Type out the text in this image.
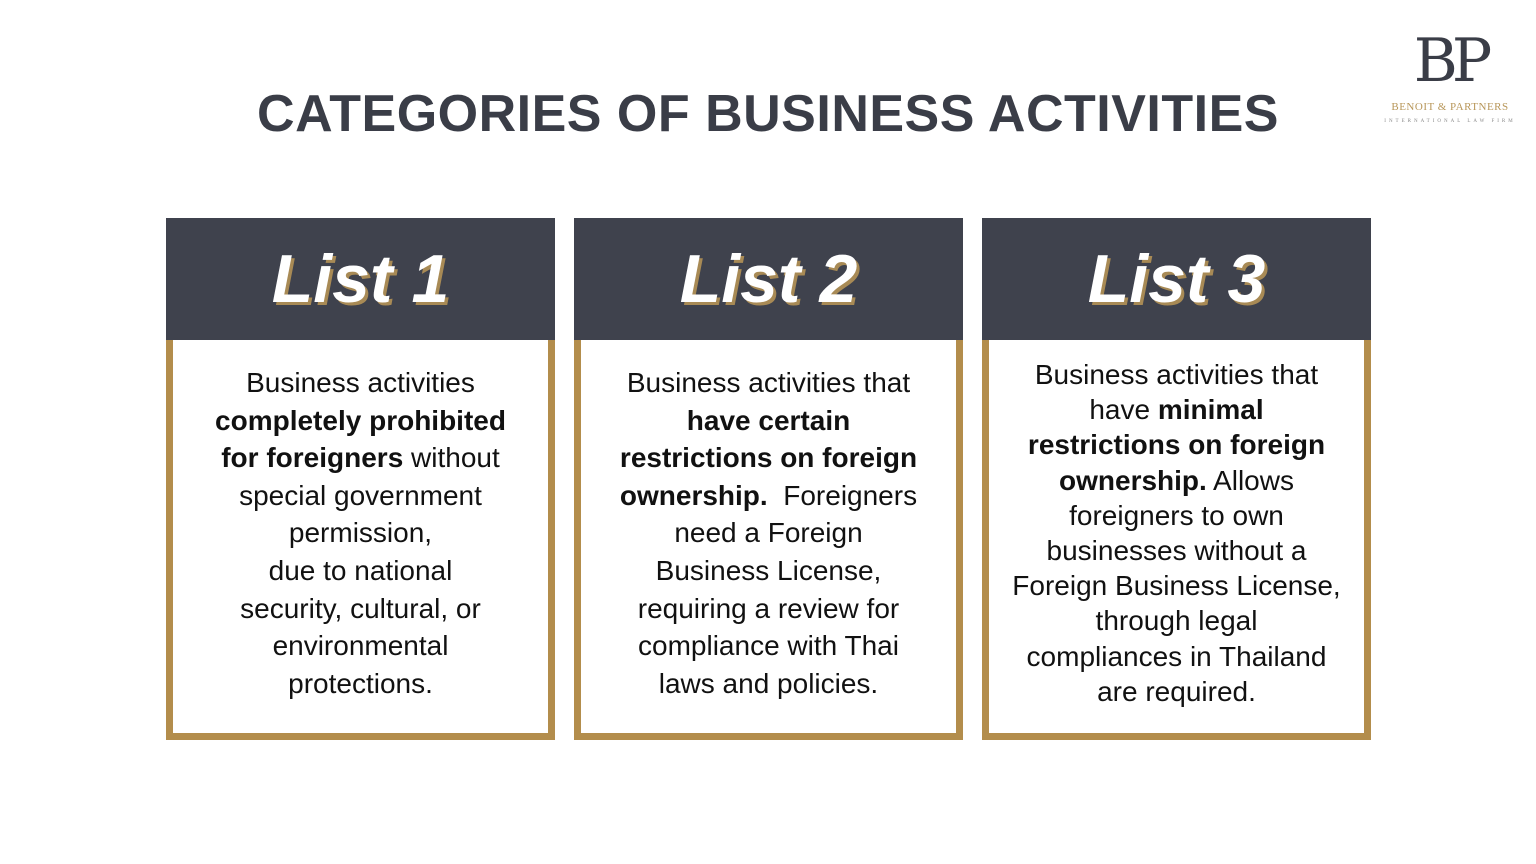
CATEGORIES OF BUSINESS ACTIVITIES
BP
BENOIT & PARTNERS
INTERNATIONAL LAW FIRM
List 1
Business activities
completely prohibited
for foreigners without
special government
permission,
due to national
security, cultural, or
environmental
protections.
List 2
Business activities that
have certain
restrictions on foreign
ownership.  Foreigners
need a Foreign
Business License,
requiring a review for
compliance with Thai
laws and policies.
List 3
Business activities that
have minimal
restrictions on foreign
ownership. Allows
foreigners to own
businesses without a
Foreign Business License,
through legal
compliances in Thailand
are required.
